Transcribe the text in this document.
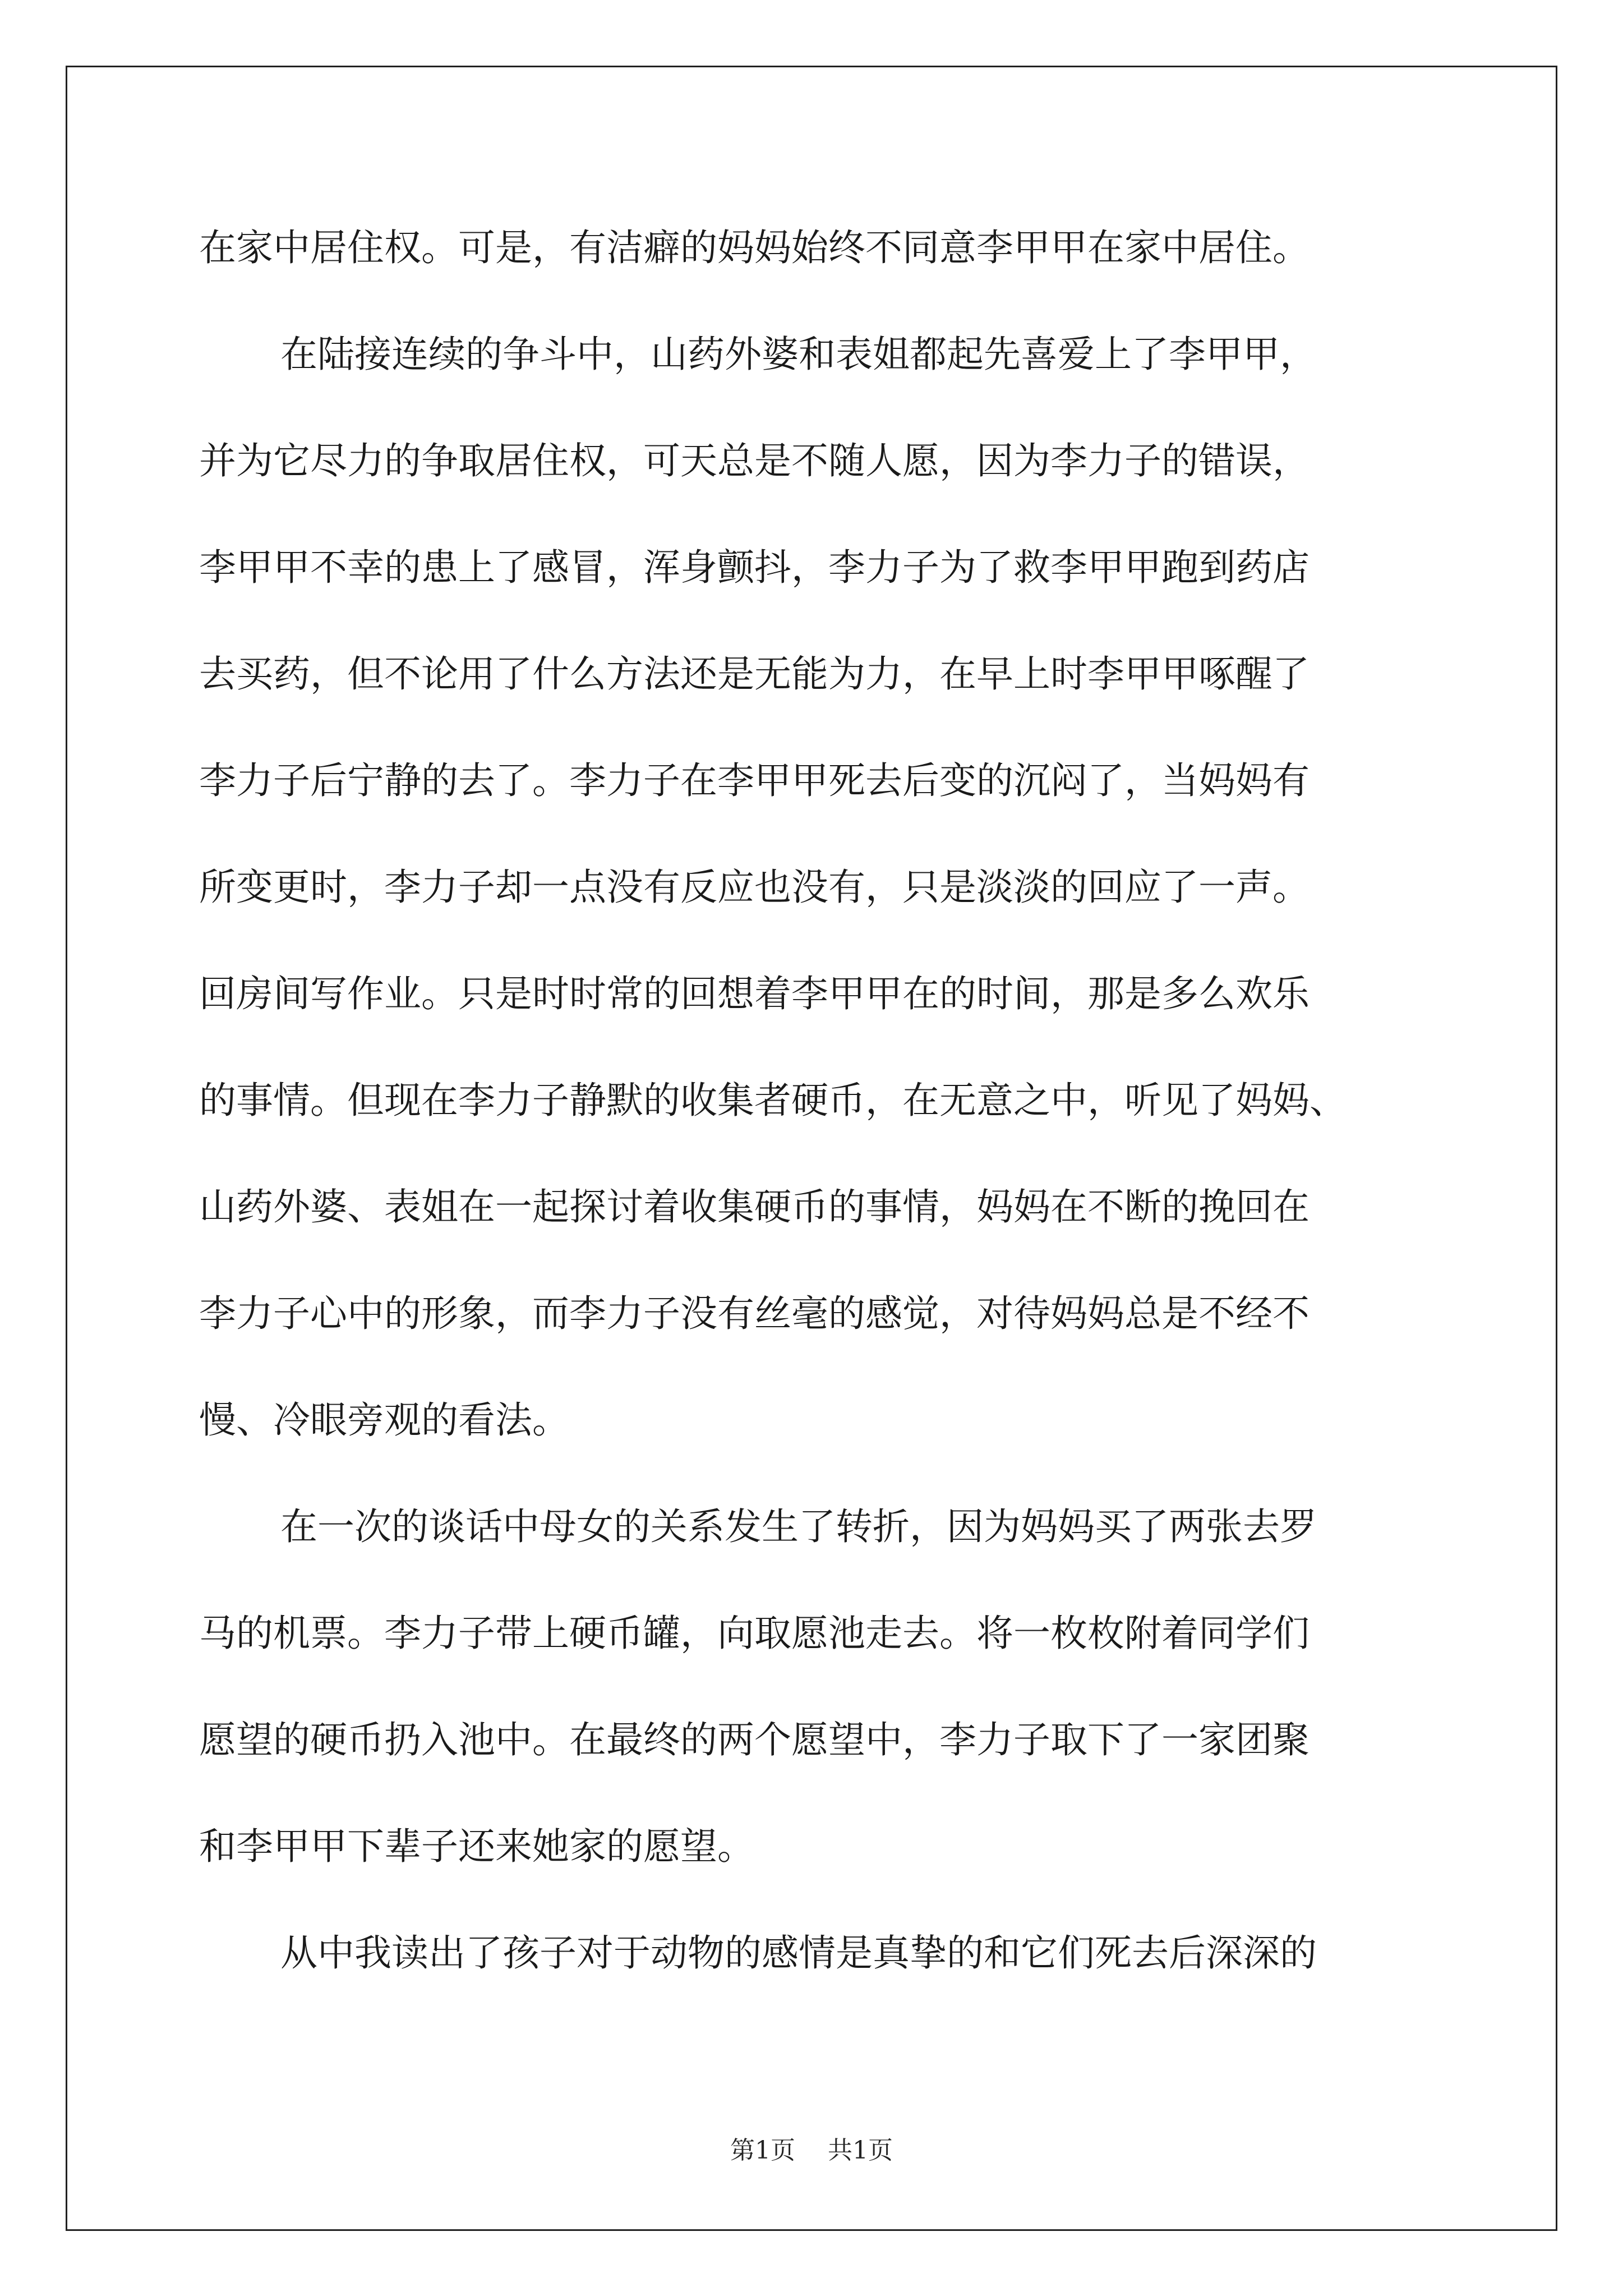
在家中居住权。可是，有洁癖的妈妈始终不同意李甲甲在家中居住。
在陆接连续的争斗中，山药外婆和表姐都起先喜爱上了李甲甲，
并为它尽力的争取居住权，可天总是不随人愿，因为李力子的错误，
李甲甲不幸的患上了感冒，浑身颤抖，李力子为了救李甲甲跑到药店
去买药，但不论用了什么方法还是无能为力，在早上时李甲甲啄醒了
李力子后宁静的去了。李力子在李甲甲死去后变的沉闷了，当妈妈有
所变更时，李力子却一点没有反应也没有，只是淡淡的回应了一声。
回房间写作业。只是时时常的回想着李甲甲在的时间，那是多么欢乐
的事情。但现在李力子静默的收集者硬币，在无意之中，听见了妈妈、
山药外婆、表姐在一起探讨着收集硬币的事情，妈妈在不断的挽回在
李力子心中的形象，而李力子没有丝毫的感觉，对待妈妈总是不经不
慢、冷眼旁观的看法。
在一次的谈话中母女的关系发生了转折，因为妈妈买了两张去罗
马的机票。李力子带上硬币罐，向取愿池走去。将一枚枚附着同学们
愿望的硬币扔入池中。在最终的两个愿望中，李力子取下了一家团聚
和李甲甲下辈子还来她家的愿望。
从中我读出了孩子对于动物的感情是真挚的和它们死去后深深的
第1页 共1页
